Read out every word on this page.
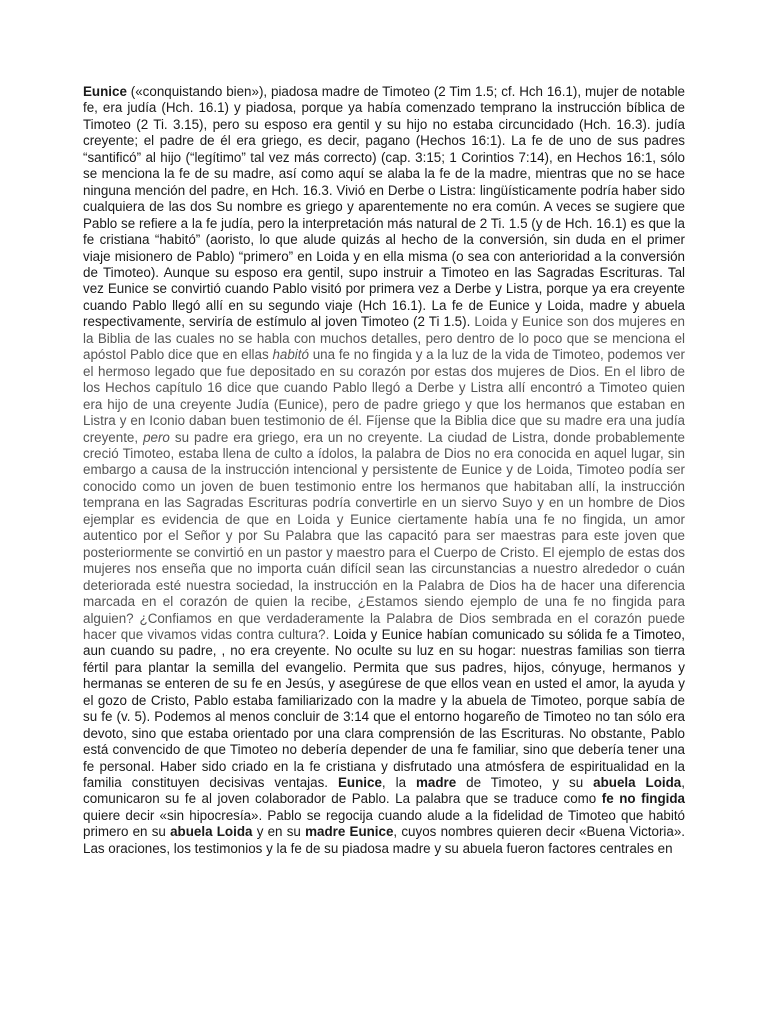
Eunice («conquistando bien»), piadosa madre de Timoteo (2 Tim 1.5; cf. Hch 16.1), mujer de notable fe, era judía (Hch. 16.1) y piadosa, porque ya había comenzado temprano la instrucción bíblica de Timoteo (2 Ti. 3.15), pero su esposo era gentil y su hijo no estaba circuncidado (Hch. 16.3). judía creyente; el padre de él era griego, es decir, pagano (Hechos 16:1). La fe de uno de sus padres “santificó” al hijo (“legítimo” tal vez más correcto) (cap. 3:15; 1 Corintios 7:14), en Hechos 16:1, sólo se menciona la fe de su madre, así como aquí se alaba la fe de la madre, mientras que no se hace ninguna mención del padre, en Hch. 16.3. Vivió en Derbe o Listra: lingüísticamente podría haber sido cualquiera de las dos Su nombre es griego y aparentemente no era común. A veces se sugiere que Pablo se refiere a la fe judía, pero la interpretación más natural de 2 Ti. 1.5 (y de Hch. 16.1) es que la fe cristiana “habitó” (aoristo, lo que alude quizás al hecho de la conversión, sin duda en el primer viaje misionero de Pablo) “primero” en Loida y en ella misma (o sea con anterioridad a la conversión de Timoteo). Aunque su esposo era gentil, supo instruir a Timoteo en las Sagradas Escrituras. Tal vez Eunice se convirtió cuando Pablo visitó por primera vez a Derbe y Listra, porque ya era creyente cuando Pablo llegó allí en su segundo viaje (Hch 16.1). La fe de Eunice y Loida, madre y abuela respectivamente, serviría de estímulo al joven Timoteo (2 Ti 1.5). Loida y Eunice son dos mujeres en la Biblia de las cuales no se habla con muchos detalles, pero dentro de lo poco que se menciona el apóstol Pablo dice que en ellas habitó una fe no fingida y a la luz de la vida de Timoteo, podemos ver el hermoso legado que fue depositado en su corazón por estas dos mujeres de Dios. En el libro de los Hechos capítulo 16 dice que cuando Pablo llegó a Derbe y Listra allí encontró a Timoteo quien era hijo de una creyente Judía (Eunice), pero de padre griego y que los hermanos que estaban en Listra y en Iconio daban buen testimonio de él. Fíjense que la Biblia dice que su madre era una judía creyente, pero su padre era griego, era un no creyente. La ciudad de Listra, donde probablemente creció Timoteo, estaba llena de culto a ídolos, la palabra de Dios no era conocida en aquel lugar, sin embargo a causa de la instrucción intencional y persistente de Eunice y de Loida, Timoteo podía ser conocido como un joven de buen testimonio entre los hermanos que habitaban allí, la instrucción temprana en las Sagradas Escrituras podría convertirle en un siervo Suyo y en un hombre de Dios ejemplar es evidencia de que en Loida y Eunice ciertamente había una fe no fingida, un amor autentico por el Señor y por Su Palabra que las capacitó para ser maestras para este joven que posteriormente se convirtió en un pastor y maestro para el Cuerpo de Cristo. El ejemplo de estas dos mujeres nos enseña que no importa cuán difícil sean las circunstancias a nuestro alrededor o cuán deteriorada esté nuestra sociedad, la instrucción en la Palabra de Dios ha de hacer una diferencia marcada en el corazón de quien la recibe, ¿Estamos siendo ejemplo de una fe no fingida para alguien? ¿Confiamos en que verdaderamente la Palabra de Dios sembrada en el corazón puede hacer que vivamos vidas contra cultura?. Loida y Eunice habían comunicado su sólida fe a Timoteo, aun cuando su padre, , no era creyente. No oculte su luz en su hogar: nuestras familias son tierra fértil para plantar la semilla del evangelio. Permita que sus padres, hijos, cónyuge, hermanos y hermanas se enteren de su fe en Jesús, y asegúrese de que ellos vean en usted el amor, la ayuda y el gozo de Cristo, Pablo estaba familiarizado con la madre y la abuela de Timoteo, porque sabía de su fe (v. 5). Podemos al menos concluir de 3:14 que el entorno hogareño de Timoteo no tan sólo era devoto, sino que estaba orientado por una clara comprensión de las Escrituras. No obstante, Pablo está convencido de que Timoteo no debería depender de una fe familiar, sino que debería tener una fe personal. Haber sido criado en la fe cristiana y disfrutado una atmósfera de espiritualidad en la familia constituyen decisivas ventajas. Eunice, la madre de Timoteo, y su abuela Loida, comunicaron su fe al joven colaborador de Pablo. La palabra que se traduce como fe no fingida quiere decir «sin hipocresía». Pablo se regocija cuando alude a la fidelidad de Timoteo que habitó primero en su abuela Loida y en su madre Eunice, cuyos nombres quieren decir «Buena Victoria». Las oraciones, los testimonios y la fe de su piadosa madre y su abuela fueron factores centrales en
